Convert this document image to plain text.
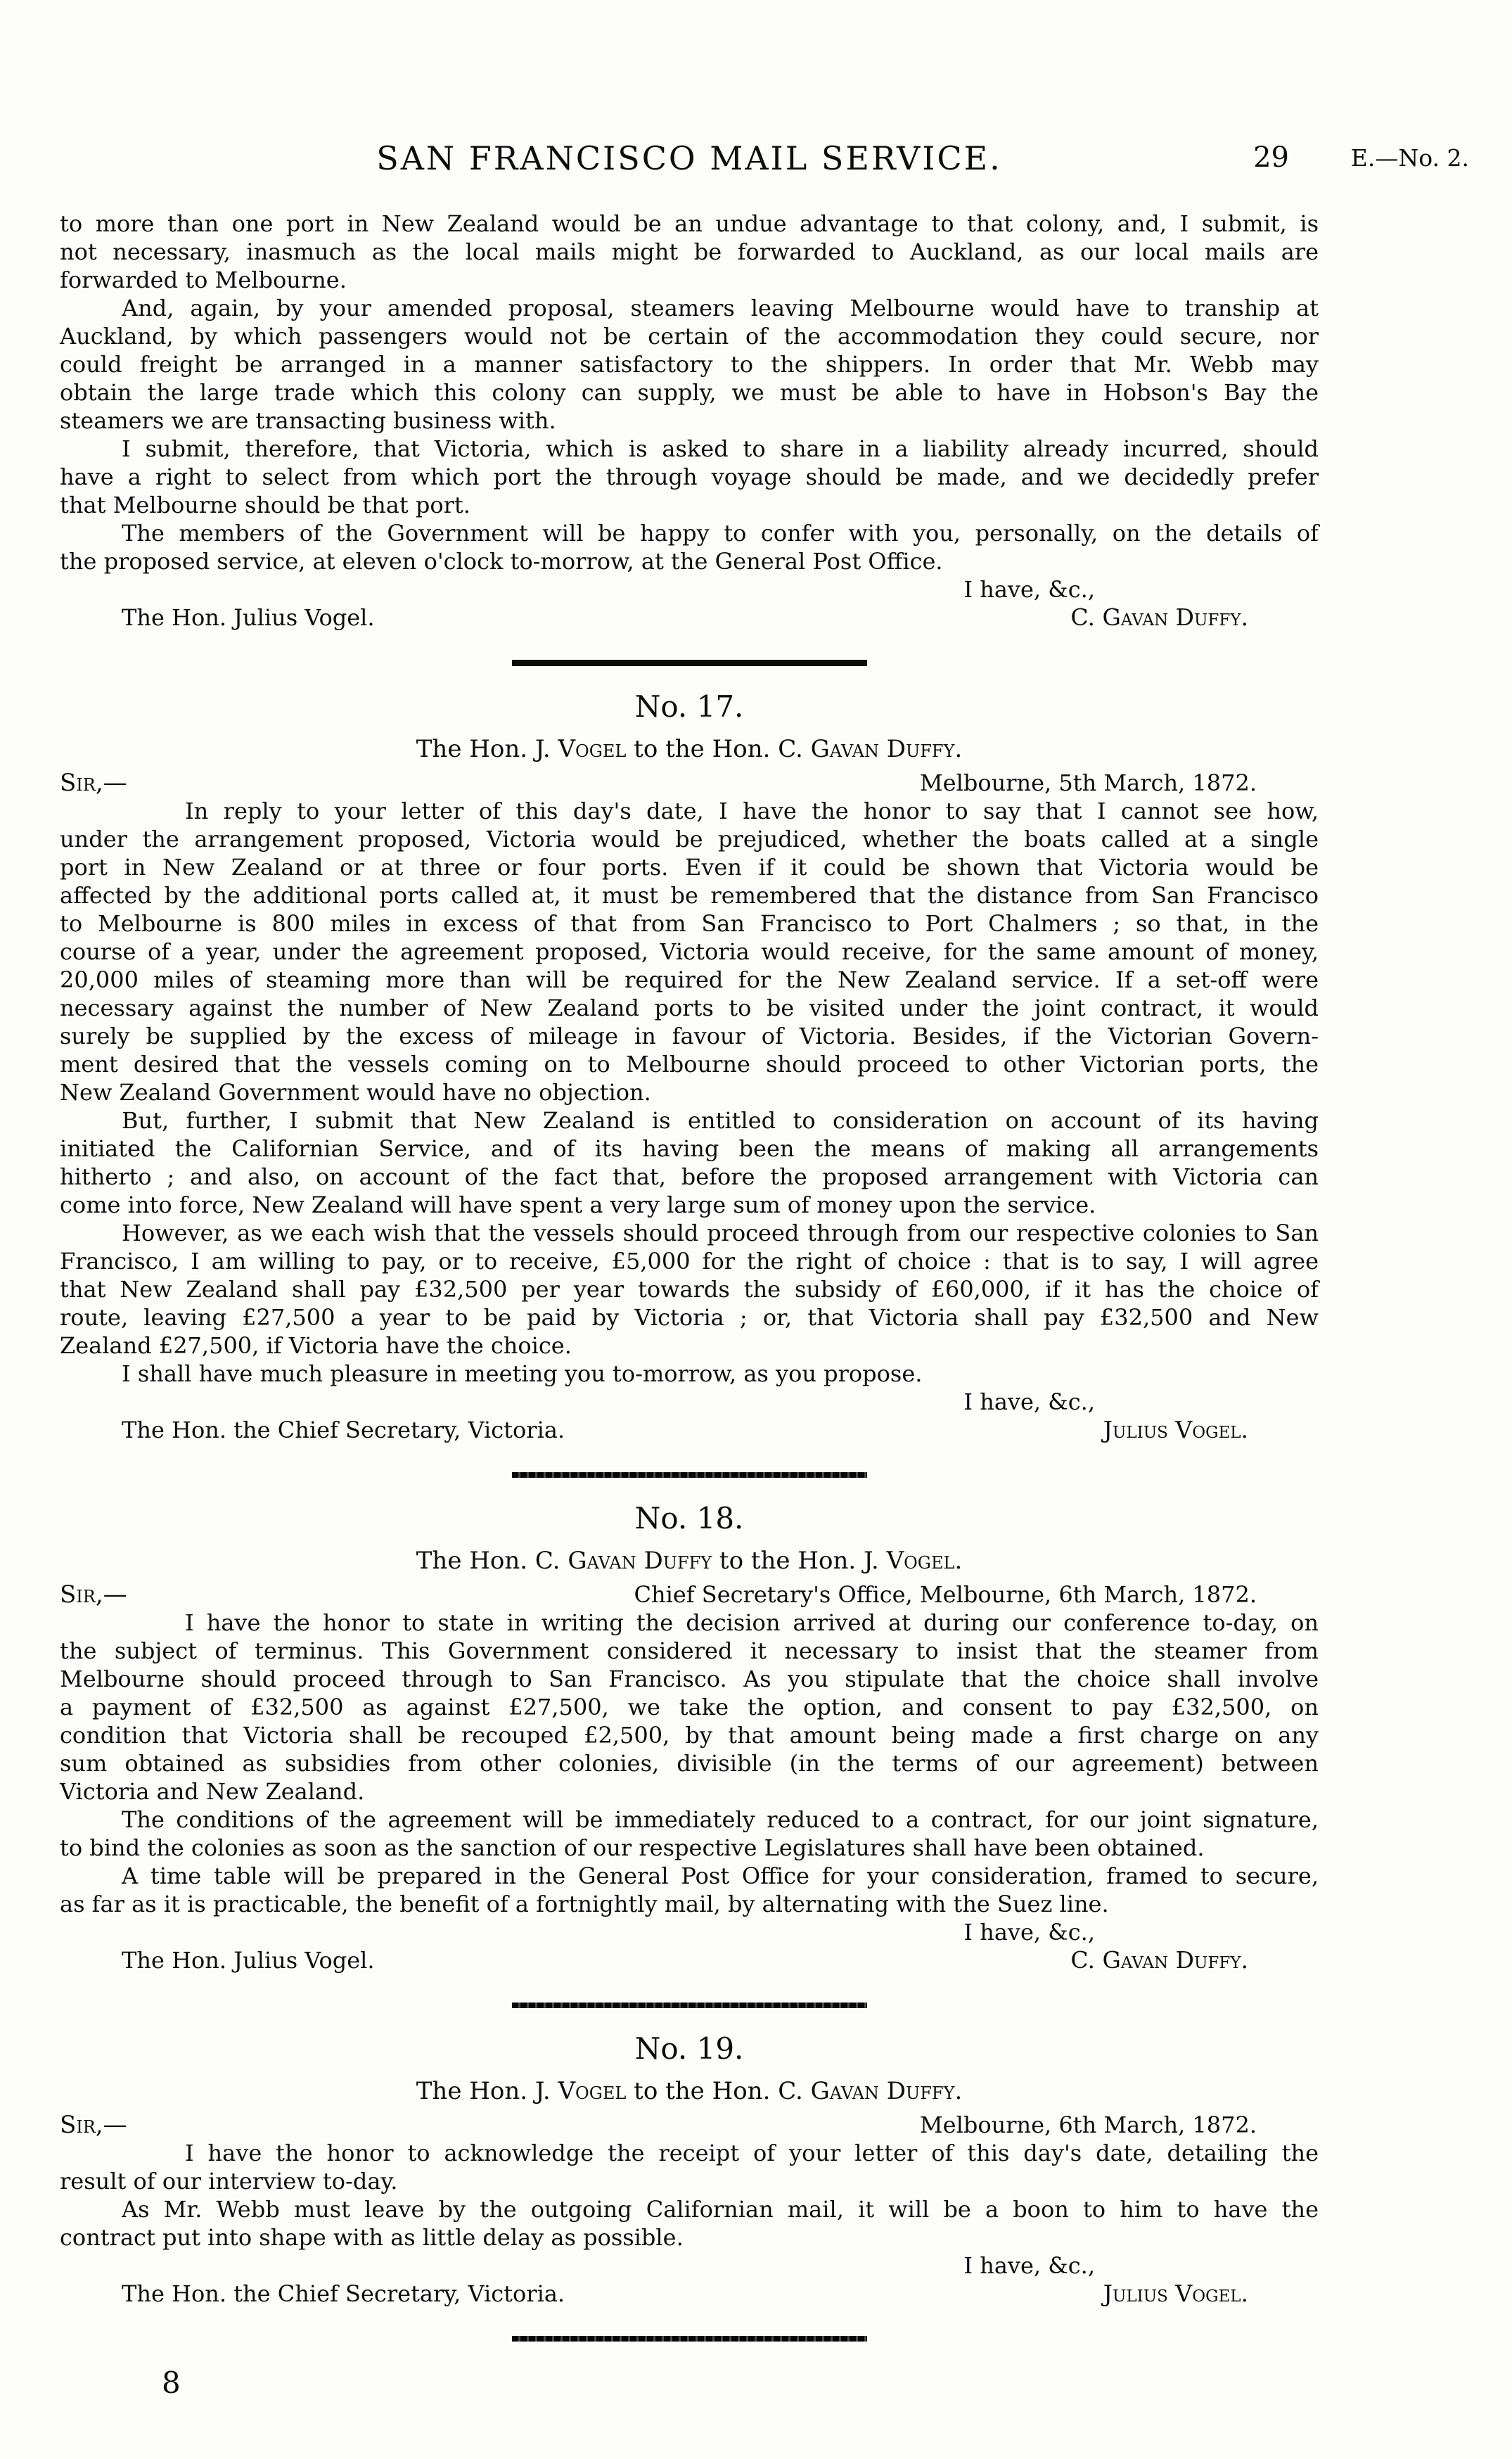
SAN FRANCISCO MAIL SERVICE.	29	E.—No. 2.
to more than one port in New Zealand would be an undue advantage to that colony, and, I submit, is
not necessary, inasmuch as the local mails might be forwarded to Auckland, as our local mails are
forwarded to Melbourne.
And, again, by your amended proposal, steamers leaving Melbourne would have to tranship at
Auckland, by which passengers would not be certain of the accommodation they could secure, nor
could freight be arranged in a manner satisfactory to the shippers. In order that Mr. Webb may
obtain the large trade which this colony can supply, we must be able to have in Hobson's Bay the
steamers we are transacting business with.
I submit, therefore, that Victoria, which is asked to share in a liability already incurred, should
have a right to select from which port the through voyage should be made, and we decidedly prefer
that Melbourne should be that port.
The members of the Government will be happy to confer with you, personally, on the details of
the proposed service, at eleven o'clock to-morrow, at the General Post Office.
I have, &c.,
The Hon. Julius Vogel.	C. Gavan Duffy.
No. 17.
The Hon. J. Vogel to the Hon. C. Gavan Duffy.
Sir,—	Melbourne, 5th March, 1872.
In reply to your letter of this day's date, I have the honor to say that I cannot see how,
under the arrangement proposed, Victoria would be prejudiced, whether the boats called at a single
port in New Zealand or at three or four ports. Even if it could be shown that Victoria would be
affected by the additional ports called at, it must be remembered that the distance from San Francisco
to Melbourne is 800 miles in excess of that from San Francisco to Port Chalmers ; so that, in the
course of a year, under the agreement proposed, Victoria would receive, for the same amount of money,
20,000 miles of steaming more than will be required for the New Zealand service. If a set-off were
necessary against the number of New Zealand ports to be visited under the joint contract, it would
surely be supplied by the excess of mileage in favour of Victoria. Besides, if the Victorian Govern-
ment desired that the vessels coming on to Melbourne should proceed to other Victorian ports, the
New Zealand Government would have no objection.
But, further, I submit that New Zealand is entitled to consideration on account of its having
initiated the Californian Service, and of its having been the means of making all arrangements
hitherto ; and also, on account of the fact that, before the proposed arrangement with Victoria can
come into force, New Zealand will have spent a very large sum of money upon the service.
However, as we each wish that the vessels should proceed through from our respective colonies to San
Francisco, I am willing to pay, or to receive, £5,000 for the right of choice : that is to say, I will agree
that New Zealand shall pay £32,500 per year towards the subsidy of £60,000, if it has the choice of
route, leaving £27,500 a year to be paid by Victoria ; or, that Victoria shall pay £32,500 and New
Zealand £27,500, if Victoria have the choice.
I shall have much pleasure in meeting you to-morrow, as you propose.
I have, &c.,
The Hon. the Chief Secretary, Victoria.	Julius Vogel.
No. 18.
The Hon. C. Gavan Duffy to the Hon. J. Vogel.
Sir,—	Chief Secretary's Office, Melbourne, 6th March, 1872.
I have the honor to state in writing the decision arrived at during our conference to-day, on
the subject of terminus. This Government considered it necessary to insist that the steamer from
Melbourne should proceed through to San Francisco. As you stipulate that the choice shall involve
a payment of £32,500 as against £27,500, we take the option, and consent to pay £32,500, on
condition that Victoria shall be recouped £2,500, by that amount being made a first charge on any
sum obtained as subsidies from other colonies, divisible (in the terms of our agreement) between
Victoria and New Zealand.
The conditions of the agreement will be immediately reduced to a contract, for our joint signature,
to bind the colonies as soon as the sanction of our respective Legislatures shall have been obtained.
A time table will be prepared in the General Post Office for your consideration, framed to secure,
as far as it is practicable, the benefit of a fortnightly mail, by alternating with the Suez line.
I have, &c.,
The Hon. Julius Vogel.	C. Gavan Duffy.
No. 19.
The Hon. J. Vogel to the Hon. C. Gavan Duffy.
Sir,—	Melbourne, 6th March, 1872.
I have the honor to acknowledge the receipt of your letter of this day's date, detailing the
result of our interview to-day.
As Mr. Webb must leave by the outgoing Californian mail, it will be a boon to him to have the
contract put into shape with as little delay as possible.
I have, &c.,
The Hon. the Chief Secretary, Victoria.	Julius Vogel.
8
